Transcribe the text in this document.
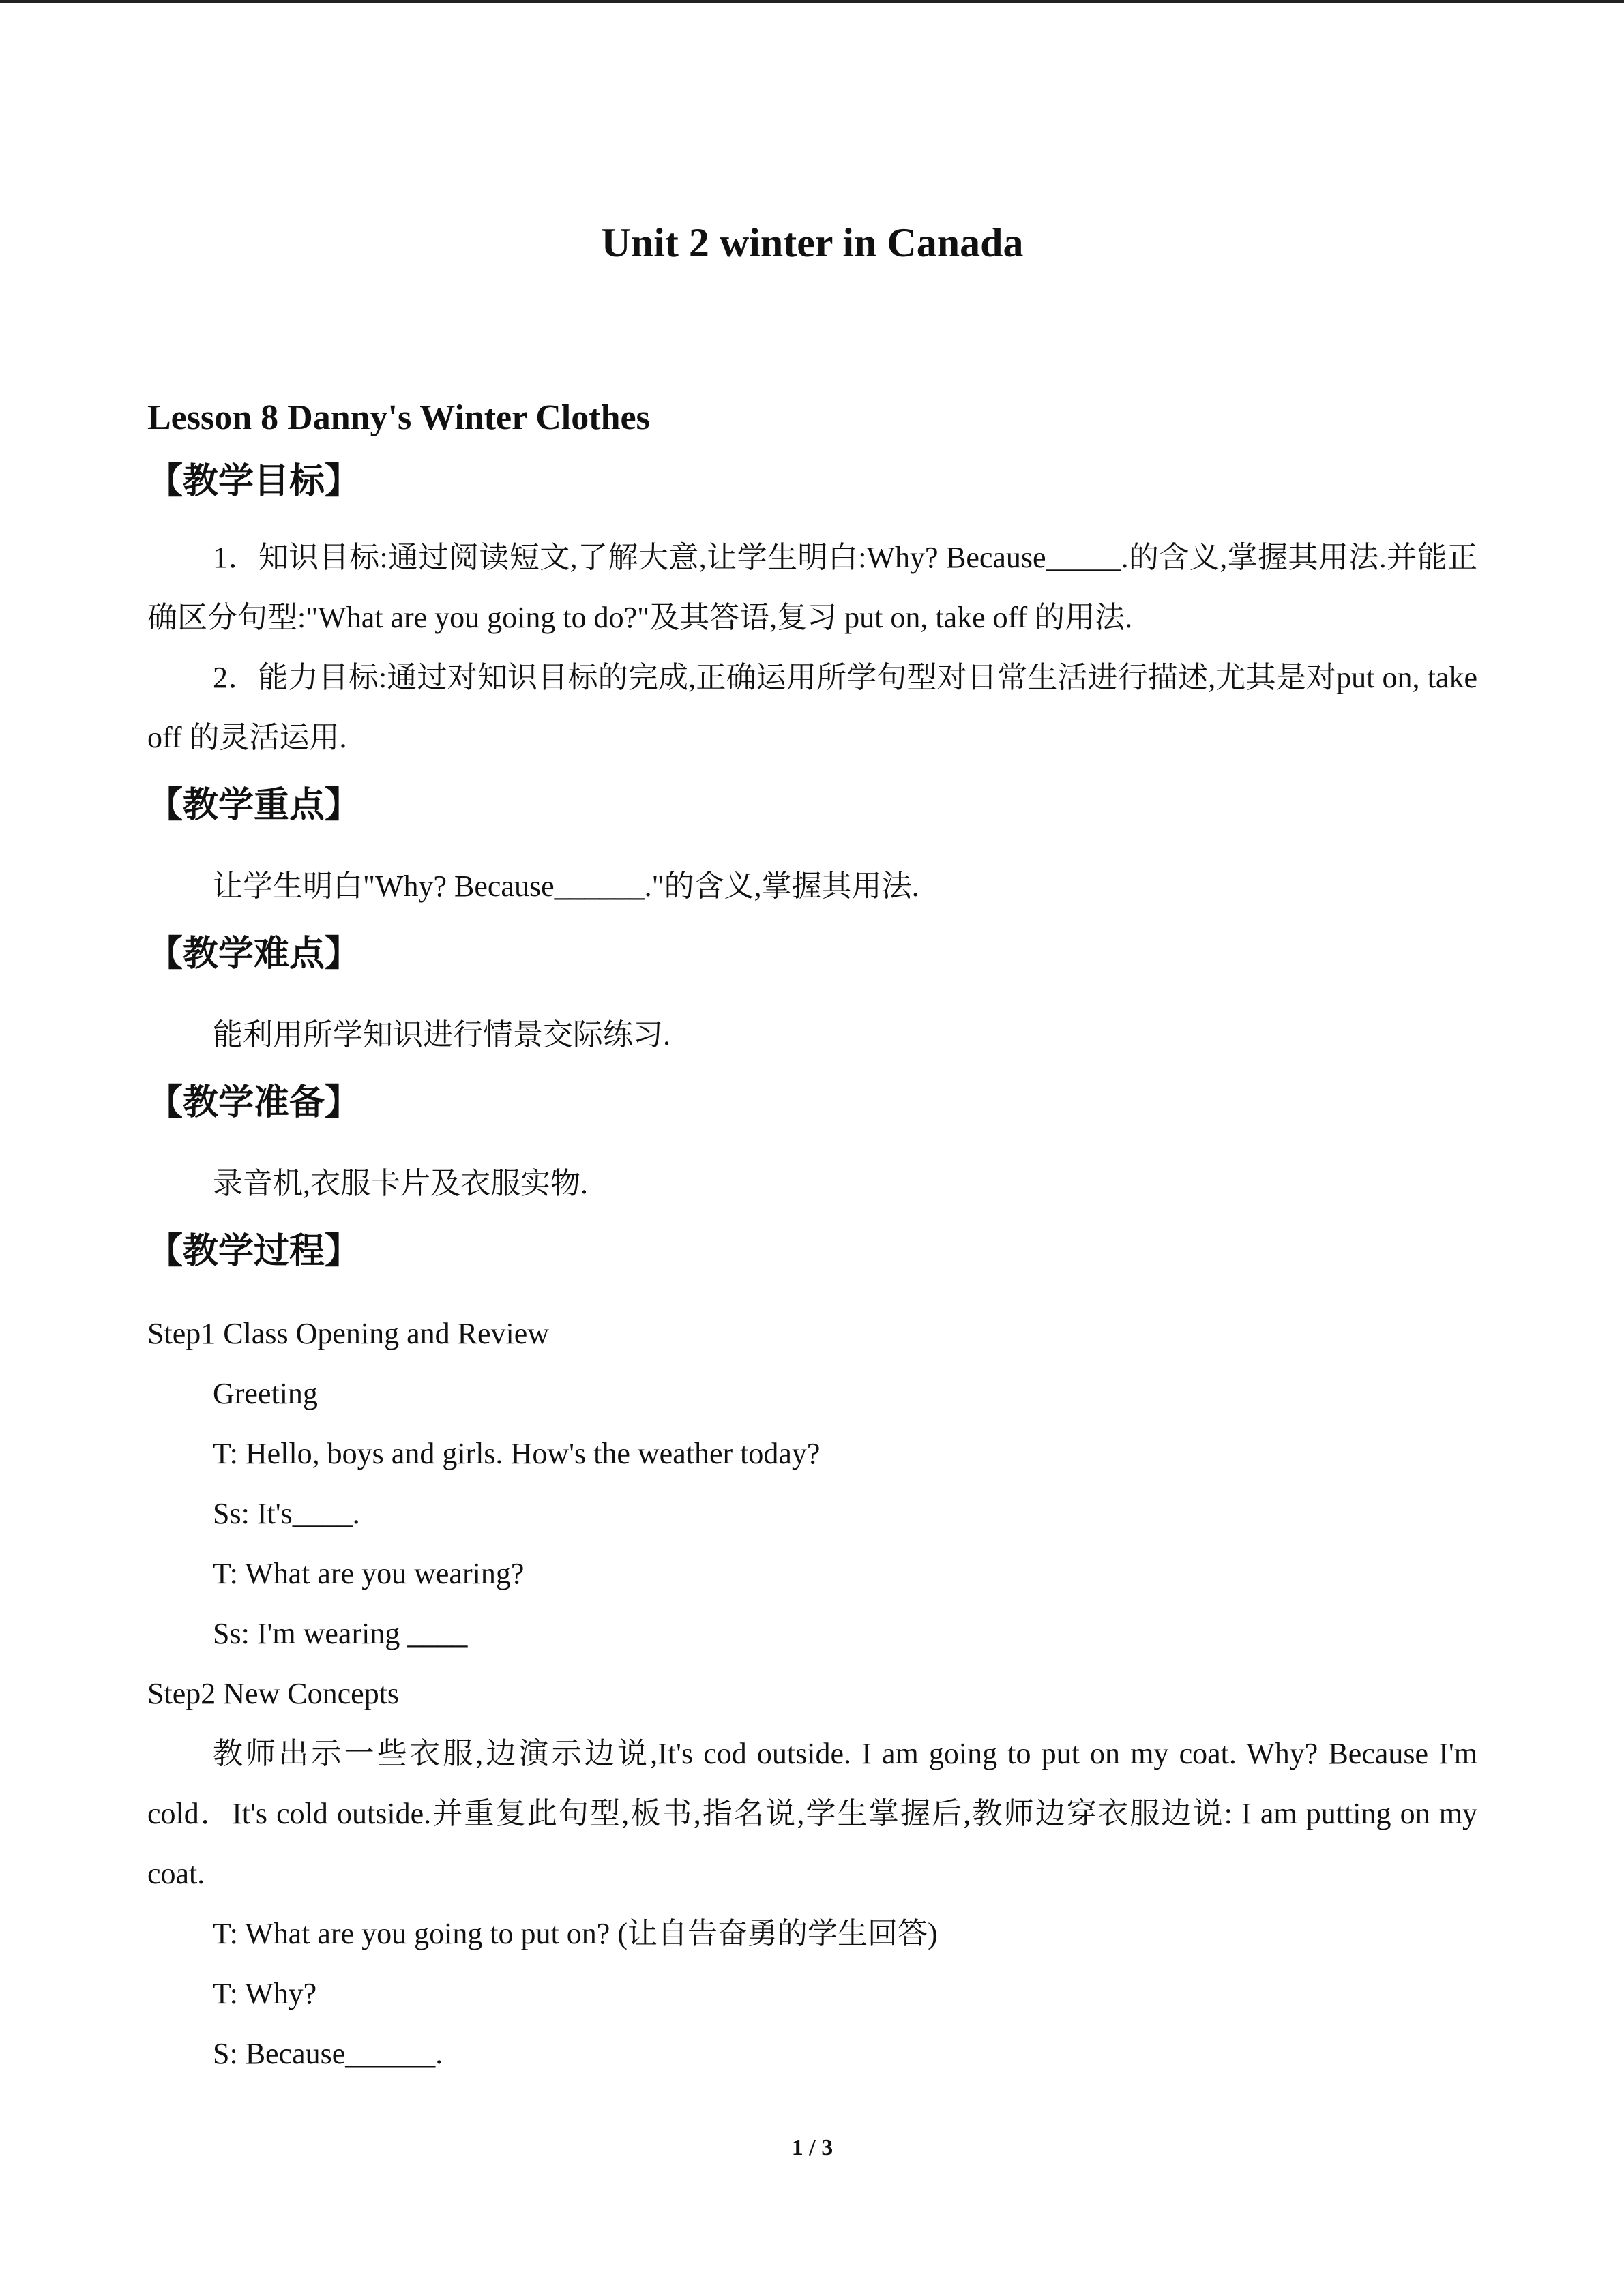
Unit 2 winter in Canada
Lesson 8 Danny's Winter Clothes
【教学目标】

1．知识目标:通过阅读短文,了解大意,让学生明白:Why? Because_____.的含义,掌握其用法.并能正确区分句型:"What are you going to do?"及其答语,复习 put on, take off 的用法.

2．能力目标:通过对知识目标的完成,正确运用所学句型对日常生活进行描述,尤其是对put on, take off 的灵活运用.

【教学重点】

让学生明白"Why? Because______."的含义,掌握其用法.

【教学难点】

能利用所学知识进行情景交际练习.

【教学准备】

录音机,衣服卡片及衣服实物.

【教学过程】

Step1 Class Opening and Review

Greeting

T: Hello, boys and girls. How's the weather today?

Ss: It's____.

T: What are you wearing?

Ss: I'm wearing ____

Step2 New Concepts

教师出示一些衣服,边演示边说,It's cod outside. I am going to put on my coat. Why? Because I'm cold．It's cold outside.并重复此句型,板书,指名说,学生掌握后,教师边穿衣服边说: I am putting on my coat.

T: What are you going to put on? (让自告奋勇的学生回答)

T: Why?

S: Because______.

1 / 3
